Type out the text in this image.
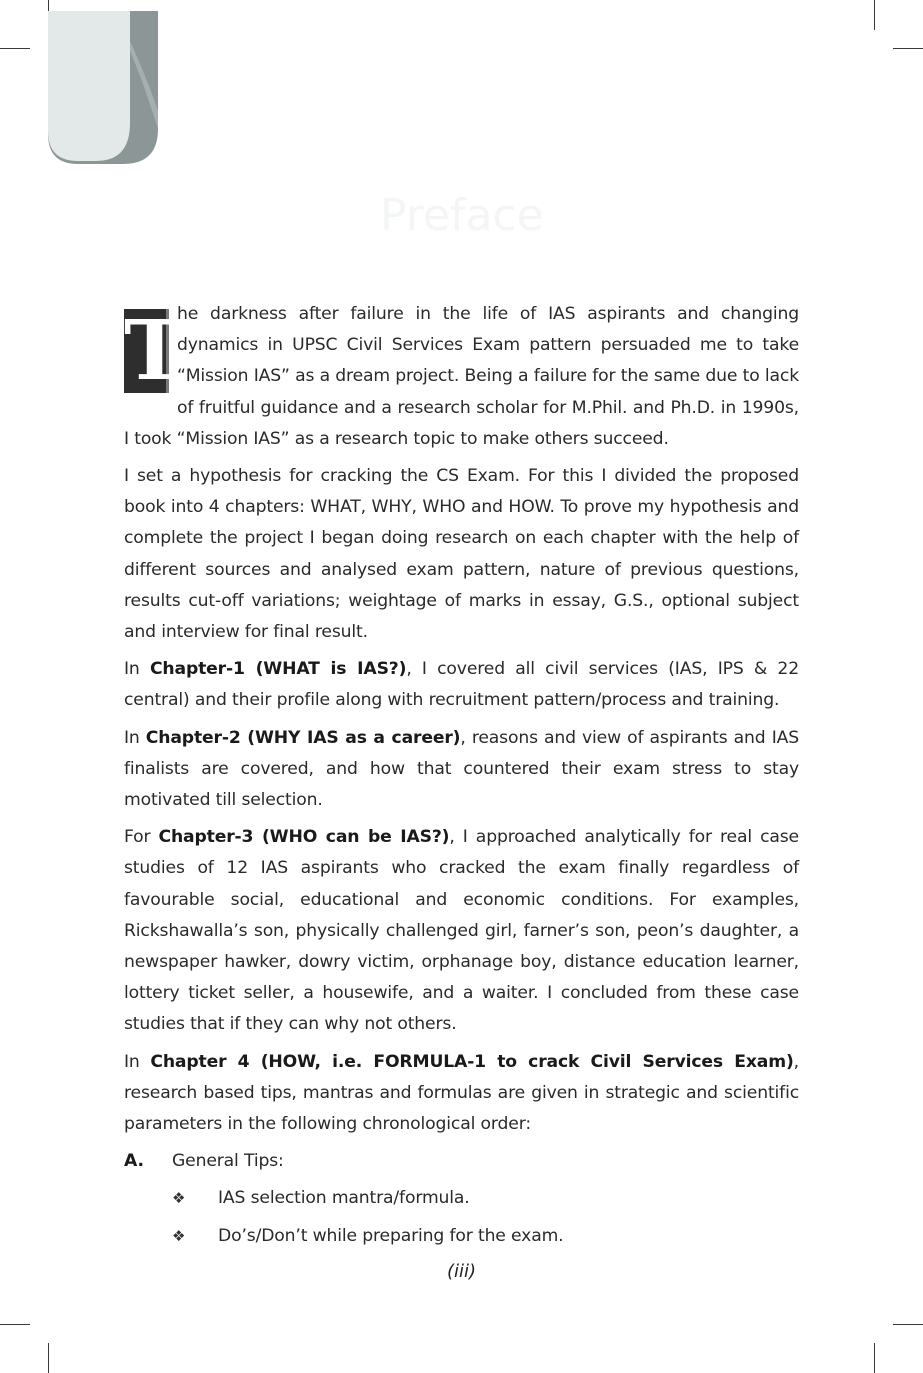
Preface

T
he darkness after failure in the life of IAS aspirants and changing dynamics in UPSC Civil Services Exam pattern persuaded me to take “Mission IAS” as a dream project. Being a failure for the same due to lack of fruitful guidance and a research scholar for M.Phil. and Ph.D. in 1990s, I took “Mission IAS” as a research topic to make others succeed.

I set a hypothesis for cracking the CS Exam. For this I divided the proposed book into 4 chapters: WHAT, WHY, WHO and HOW. To prove my hypothesis and complete the project I began doing research on each chapter with the help of different sources and analysed exam pattern, nature of previous questions, results cut-off variations; weightage of marks in essay, G.S., optional subject and interview for final result.

In Chapter-1 (WHAT is IAS?), I covered all civil services (IAS, IPS & 22 central) and their profile along with recruitment pattern/process and training.

In Chapter-2 (WHY IAS as a career), reasons and view of aspirants and IAS finalists are covered, and how that countered their exam stress to stay motivated till selection.

For Chapter-3 (WHO can be IAS?), I approached analytically for real case studies of 12 IAS aspirants who cracked the exam finally regardless of favourable social, educational and economic conditions. For examples, Rickshawalla’s son, physically challenged girl, farner’s son, peon’s daughter, a newspaper hawker, dowry victim, orphanage boy, distance education learner, lottery ticket seller, a housewife, and a waiter. I concluded from these case studies that if they can why not others.

In Chapter 4 (HOW, i.e. FORMULA-1 to crack Civil Services Exam), research based tips, mantras and formulas are given in strategic and scientific parameters in the following chronological order:

A.	General Tips:
❖	IAS selection mantra/formula.
❖	Do’s/Don’t while preparing for the exam.
(iii)
